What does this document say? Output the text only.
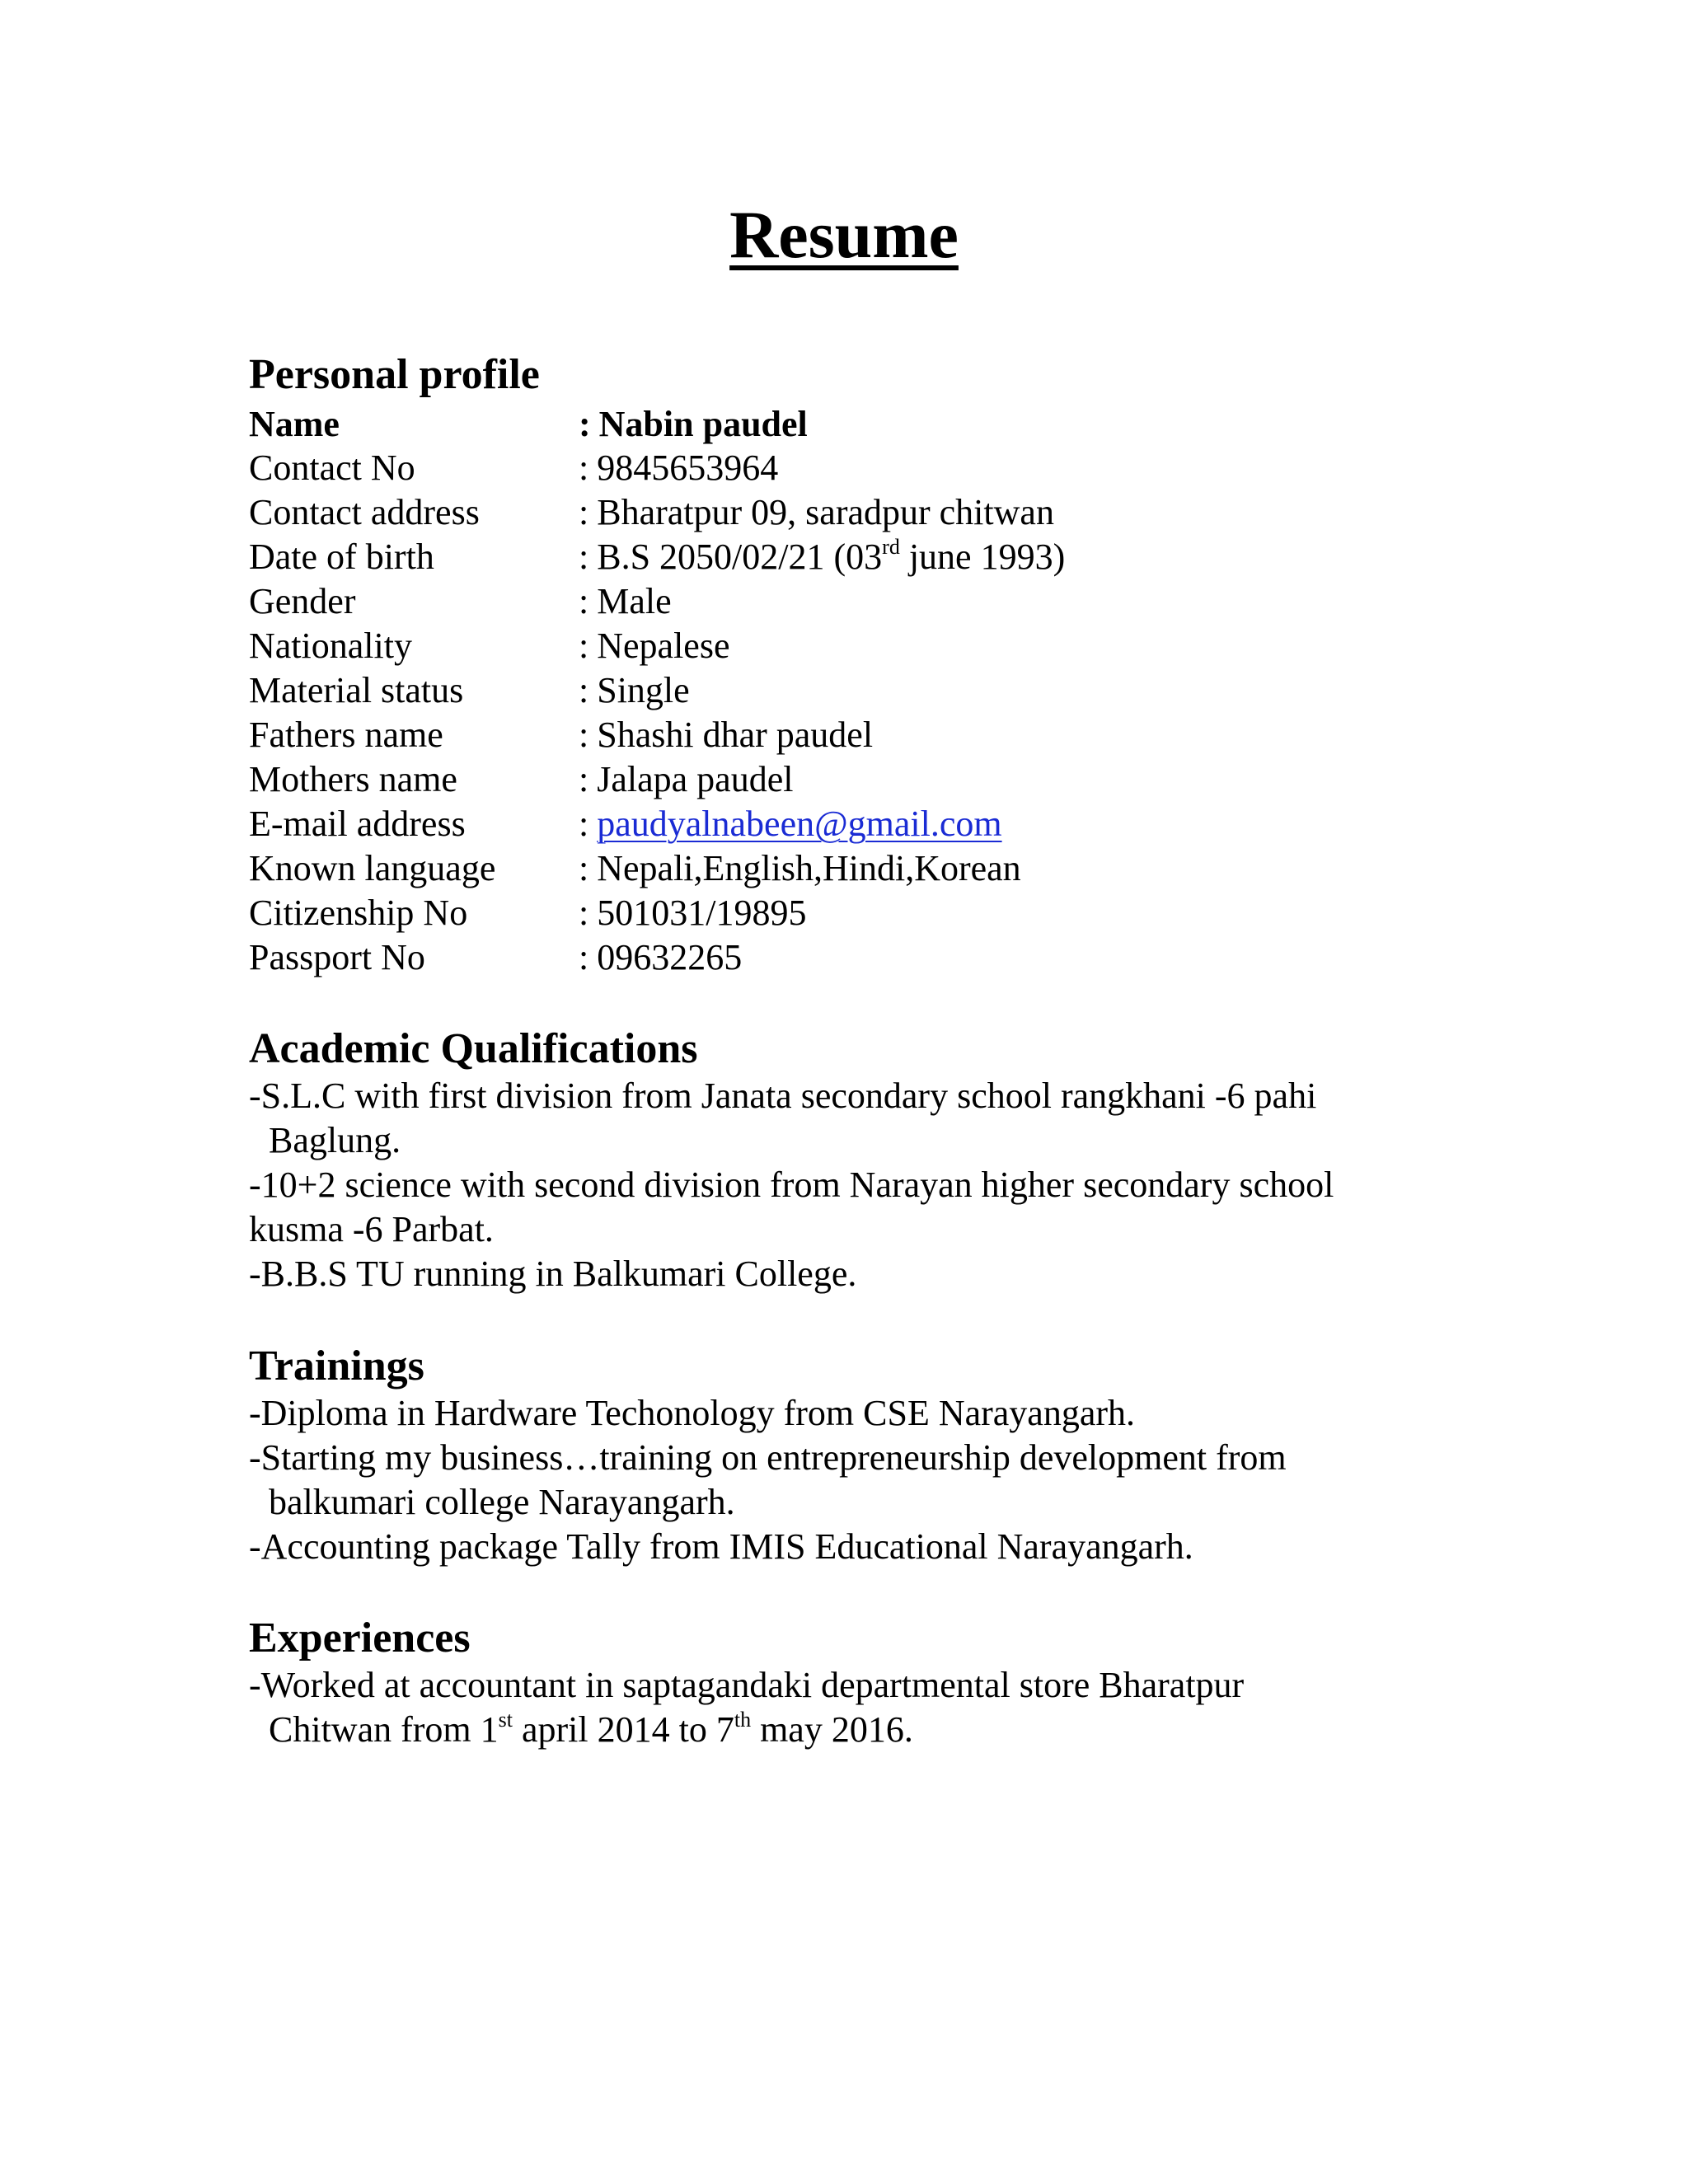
Resume
Personal profile
Name	: Nabin paudel
Contact No	: 9845653964
Contact address	: Bharatpur 09, saradpur chitwan
Date of birth	: B.S 2050/02/21 (03rd june 1993)
Gender	: Male
Nationality	: Nepalese
Material status	: Single
Fathers name	: Shashi dhar paudel
Mothers name	: Jalapa paudel
E-mail address	: paudyalnabeen@gmail.com
Known language : Nepali,English,Hindi,Korean
Citizenship No	: 501031/19895
Passport No	: 09632265
Academic Qualifications
-S.L.C with first division from Janata secondary school rangkhani -6 pahi
Baglung.
-10+2 science with second division from Narayan higher secondary school
kusma -6 Parbat.
-B.B.S TU running in Balkumari College.
Trainings
-Diploma in Hardware Techonology from CSE Narayangarh.
-Starting my business…training on entrepreneurship development from
balkumari college Narayangarh.
-Accounting package Tally from IMIS Educational Narayangarh.
Experiences
-Worked at accountant in saptagandaki departmental store Bharatpur
Chitwan from 1st april 2014 to 7th may 2016.
